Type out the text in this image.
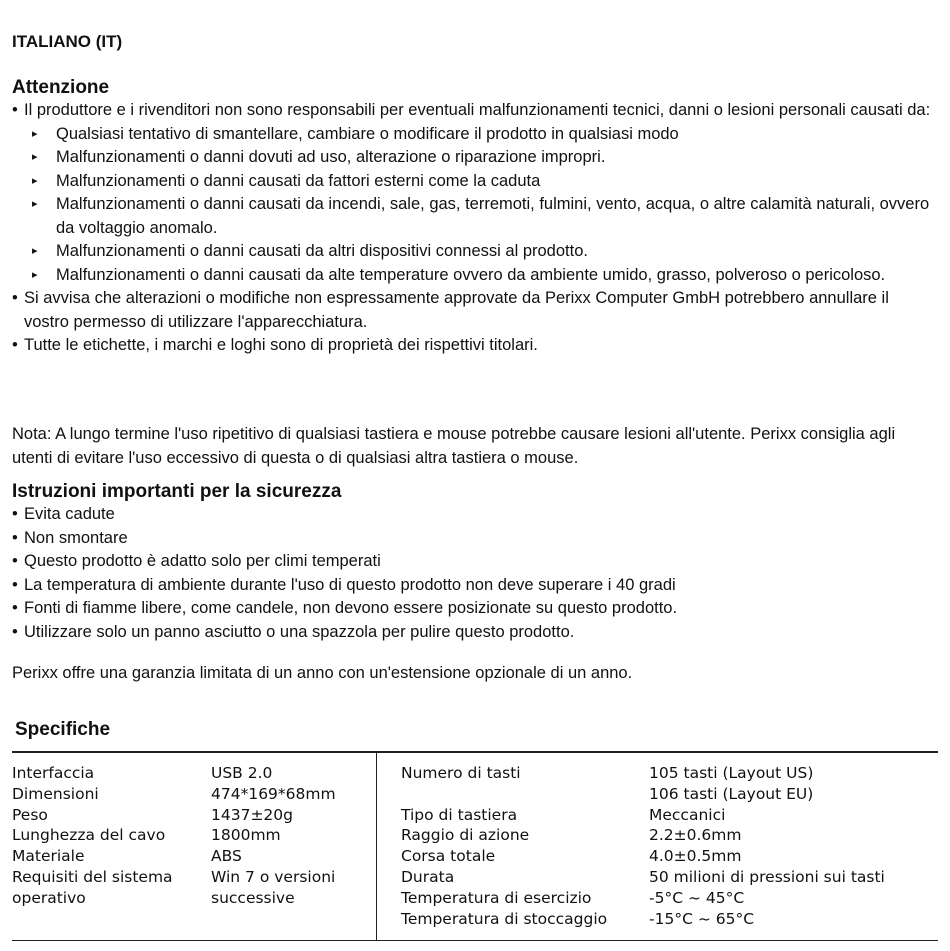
ITALIANO (IT)
Attenzione
• Il produttore e i rivenditori non sono responsabili per eventuali malfunzionamenti tecnici, danni o lesioni personali causati da:
▸ Qualsiasi tentativo di smantellare, cambiare o modificare il prodotto in qualsiasi modo
▸ Malfunzionamenti o danni dovuti ad uso, alterazione o riparazione impropri.
▸ Malfunzionamenti o danni causati da fattori esterni come la caduta
▸ Malfunzionamenti o danni causati da incendi, sale, gas, terremoti, fulmini, vento, acqua, o altre calamità naturali, ovvero da voltaggio anomalo.
▸ Malfunzionamenti o danni causati da altri dispositivi connessi al prodotto.
▸ Malfunzionamenti o danni causati da alte temperature ovvero da ambiente umido, grasso, polveroso o pericoloso.
• Si avvisa che alterazioni o modifiche non espressamente approvate da Perixx Computer GmbH potrebbero annullare il vostro permesso di utilizzare l'apparecchiatura.
• Tutte le etichette, i marchi e loghi sono di proprietà dei rispettivi titolari.
Nota: A lungo termine l'uso ripetitivo di qualsiasi tastiera e mouse potrebbe causare lesioni all'utente. Perixx consiglia agli utenti di evitare l'uso eccessivo di questa o di qualsiasi altra tastiera o mouse.
Istruzioni importanti per la sicurezza
• Evita cadute
• Non smontare
• Questo prodotto è adatto solo per climi temperati
• La temperatura di ambiente durante l'uso di questo prodotto non deve superare i 40 gradi
• Fonti di fiamme libere, come candele, non devono essere posizionate su questo prodotto.
• Utilizzare solo un panno asciutto o una spazzola per pulire questo prodotto.
Perixx offre una garanzia limitata di un anno con un'estensione opzionale di un anno.
Specifiche
Interfaccia	USB 2.0
Dimensioni	474*169*68mm
Peso	1437±20g
Lunghezza del cavo	1800mm
Materiale	ABS
Requisiti del sistema	Win 7 o versioni
operativo	successive
Numero di tasti	105 tasti (Layout US)
106 tasti (Layout EU)
Tipo di tastiera	Meccanici
Raggio di azione	2.2±0.6mm
Corsa totale	4.0±0.5mm
Durata	50 milioni di pressioni sui tasti
Temperatura di esercizio	-5°C ~ 45°C
Temperatura di stoccaggio	-15°C ~ 65°C
